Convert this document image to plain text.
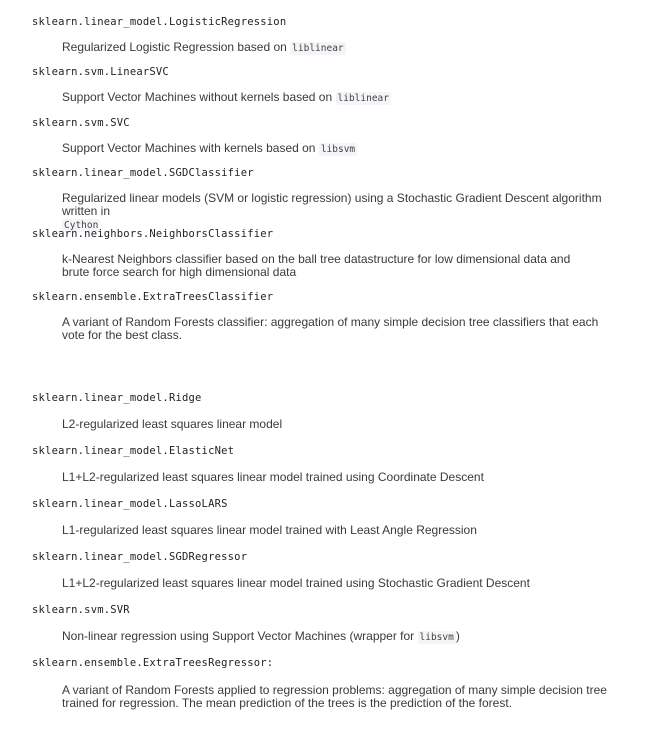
sklearn.linear_model.LogisticRegression
Regularized Logistic Regression based on liblinear
sklearn.svm.LinearSVC
Support Vector Machines without kernels based on liblinear
sklearn.svm.SVC
Support Vector Machines with kernels based on libsvm
sklearn.linear_model.SGDClassifier
Regularized linear models (SVM or logistic regression) using a Stochastic Gradient Descent algorithm written in
Cython
sklearn.neighbors.NeighborsClassifier
k-Nearest Neighbors classifier based on the ball tree datastructure for low dimensional data and brute force search for high dimensional data
sklearn.ensemble.ExtraTreesClassifier
A variant of Random Forests classifier: aggregation of many simple decision tree classifiers that each vote for the best class.
sklearn.linear_model.Ridge
L2-regularized least squares linear model
sklearn.linear_model.ElasticNet
L1+L2-regularized least squares linear model trained using Coordinate Descent
sklearn.linear_model.LassoLARS
L1-regularized least squares linear model trained with Least Angle Regression
sklearn.linear_model.SGDRegressor
L1+L2-regularized least squares linear model trained using Stochastic Gradient Descent
sklearn.svm.SVR
Non-linear regression using Support Vector Machines (wrapper for libsvm )
sklearn.ensemble.ExtraTreesRegressor:
A variant of Random Forests applied to regression problems: aggregation of many simple decision tree trained for regression. The mean prediction of the trees is the prediction of the forest.
